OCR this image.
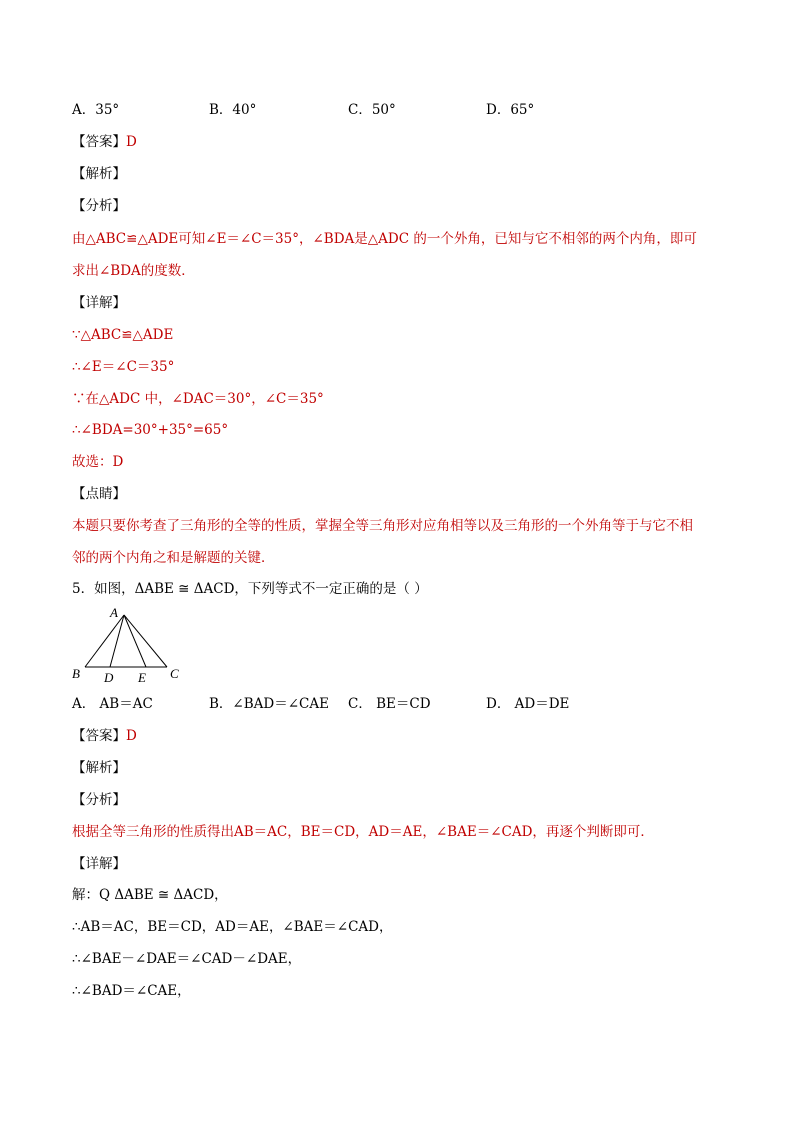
A．35°	B．40°	C．50°	D．65°
【答案】D
【解析】
【分析】
由△ABC≌△ADE可知∠E＝∠C＝35°，∠BDA是△ADC 的一个外角，已知与它不相邻的两个内角，即可
求出∠BDA的度数．
【详解】
∵△ABC≌△ADE
∴∠E＝∠C＝35°
∵在△ADC 中，∠DAC＝30°，∠C＝35°
∴∠BDA=30°+35°=65°
故选：D
【点睛】
本题只要你考查了三角形的全等的性质，掌握全等三角形对应角相等以及三角形的一个外角等于与它不相
邻的两个内角之和是解题的关键．
5．如图，ΔABE ≅ ΔACD，下列等式不一定正确的是（ ）
A
B D E C
A． AB＝AC	B．∠BAD＝∠CAE C． BE＝CD	D． AD＝DE
【答案】D
【解析】
【分析】
根据全等三角形的性质得出AB＝AC，BE＝CD，AD＝AE，∠BAE＝∠CAD，再逐个判断即可．
【详解】
解：Q ΔABE ≅ ΔACD，
∴AB＝AC，BE＝CD，AD＝AE，∠BAE＝∠CAD，
∴∠BAE－∠DAE＝∠CAD－∠DAE，
∴∠BAD＝∠CAE，
